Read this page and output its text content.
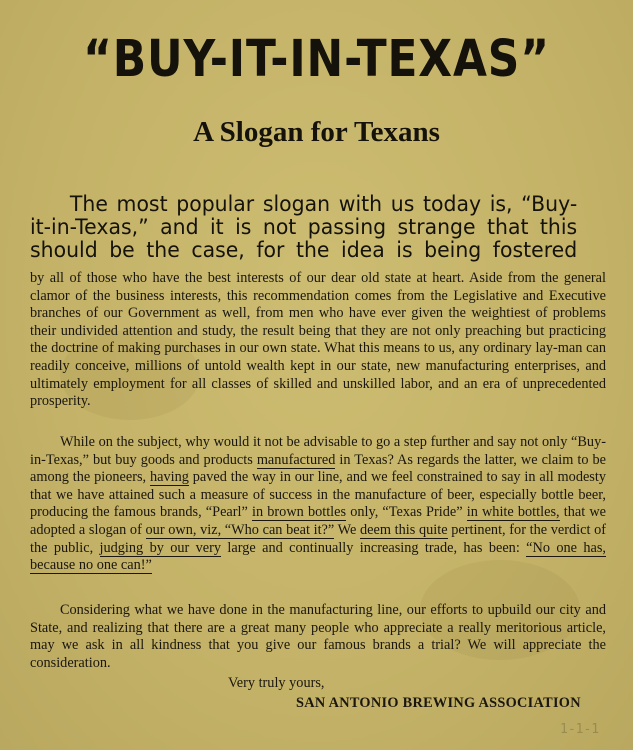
“BUY-IT-IN-TEXAS”
A Slogan for Texans
The most popular slogan with us today is, “Buy-it-in-Texas,” and it is not passing strange that this should be the case, for the idea is being fostered
by all of those who have the best interests of our dear old state at heart. Aside from the general clamor of the business interests, this recommendation comes from the Legislative and Executive branches of our Government as well, from men who have ever given the weightiest of problems their undivided attention and study, the result being that they are not only preaching but practicing the doctrine of making purchases in our own state. What this means to us, any ordinary lay-man can readily conceive, millions of untold wealth kept in our state, new manufacturing enterprises, and ultimately employment for all classes of skilled and unskilled labor, and an era of unprecedented prosperity.
While on the subject, why would it not be advisable to go a step further and say not only “Buy-in-Texas,” but buy goods and products manufactured in Texas? As regards the latter, we claim to be among the pioneers, having paved the way in our line, and we feel constrained to say in all modesty that we have attained such a measure of success in the manufacture of beer, especially bottle beer, producing the famous brands, “Pearl” in brown bottles only, “Texas Pride” in white bottles, that we adopted a slogan of our own, viz, “Who can beat it?” We deem this quite pertinent, for the verdict of the public, judging by our very large and continually increasing trade, has been: “No one has, because no one can!”
Considering what we have done in the manufacturing line, our efforts to upbuild our city and State, and realizing that there are a great many people who appreciate a really meritorious article, may we ask in all kindness that you give our famous brands a trial? We will appreciate the consideration.
Very truly yours,
SAN ANTONIO BREWING ASSOCIATION
1-1-1
